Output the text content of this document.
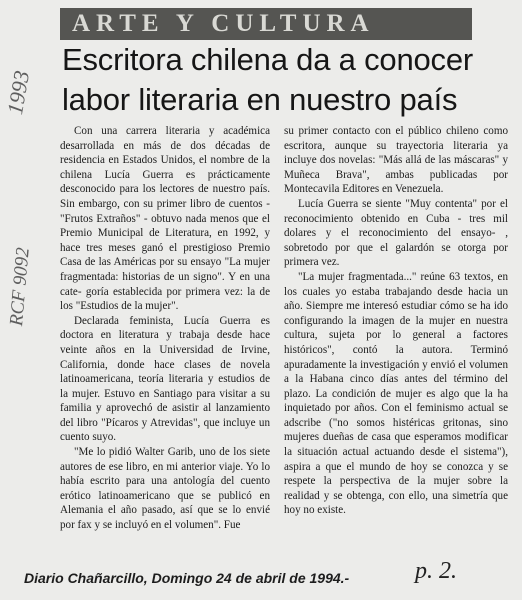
ARTE Y CULTURA
Escritora chilena da a conocer
labor literaria en nuestro país
1993
RCF 9092

Con una carrera literaria y académica desarrollada en más de dos décadas de residencia en Estados Unidos, el nombre de la chilena Lucía Guerra es prácticamente desconocido para los lectores de nuestro país. Sin embargo, con su primer libro de cuentos - "Frutos Extraños" - obtuvo nada menos que el Premio Municipal de Literatura, en 1992, y hace tres meses ganó el prestigioso Premio Casa de las Américas por su ensayo "La mujer fragmentada: historias de un signo". Y en una cate- goría establecida por primera vez: la de los "Estudios de la mujer".

Declarada feminista, Lucía Guerra es doctora en literatura y trabaja desde hace veinte años en la Universidad de Irvine, California, donde hace clases de novela latinoamericana, teoría literaria y estudios de la mujer. Estuvo en Santiago para visitar a su familia y aprovechó de asistir al lanzamiento del libro "Pícaros y Atrevidas", que incluye un cuento suyo.

"Me lo pidió Walter Garib, uno de los siete autores de ese libro, en mi anterior viaje. Yo lo había escrito para una antología del cuento erótico latinoamericano que se publicó en Alemania el año pasado, así que se lo envié por fax y se incluyó en el volumen". Fue

su primer contacto con el público chileno como escritora, aunque su trayectoria literaria ya incluye dos novelas: "Más allá de las máscaras" y Muñeca Brava", ambas publicadas por Montecavila Editores en Venezuela.

Lucía Guerra se siente "Muy contenta" por el reconocimiento obtenido en Cuba - tres mil dolares y el reconocimiento del ensayo- , sobretodo por que el galardón se otorga por primera vez.

"La mujer fragmentada..." reúne 63 textos, en los cuales yo estaba trabajando desde hacia un año. Siempre me interesó estudiar cómo se ha ido configurando la imagen de la mujer en nuestra cultura, sujeta por lo general a factores históricos", contó la autora. Terminó apuradamente la investigación y envió el volumen a la Habana cinco días antes del término del plazo. La condición de mujer es algo que la ha inquietado por años. Con el feminismo actual se adscribe ("no somos histéricas gritonas, sino mujeres dueñas de casa que esperamos modificar la situación actual actuando desde el sistema"), aspira a que el mundo de hoy se conozca y se respete la perspectiva de la mujer sobre la realidad y se obtenga, con ello, una simetría que hoy no existe.

Diario Chañarcillo, Domingo 24 de abril de 1994.-	p. 2.
